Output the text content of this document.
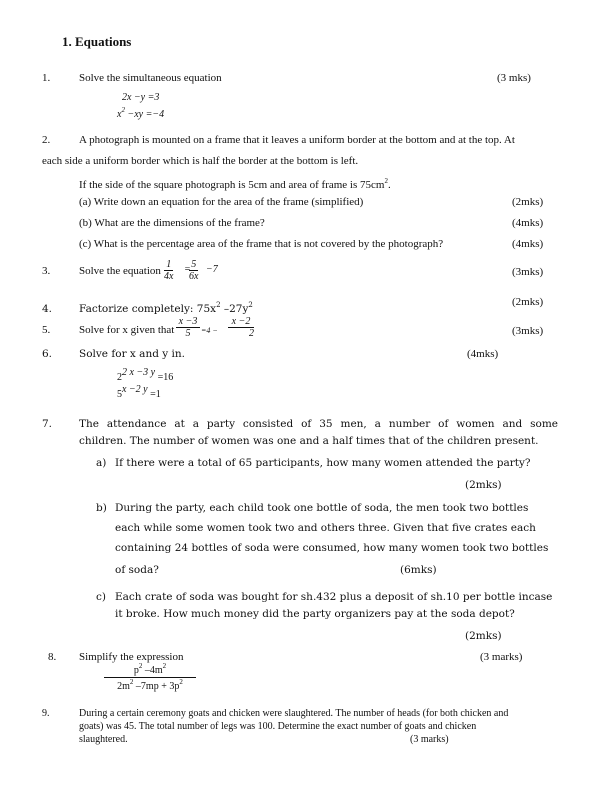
1. Equations
1.	Solve the simultaneous equation	(3 mks)
2x −y =3
$x^2 -xy =-4$
2.	A photograph is mounted on a frame that it leaves a uniform border at the bottom and at the top. At
each side a uniform border which is half the border at the bottom is left.
If the side of the square photograph is 5cm and area of frame is $75cm^2$.
(a) Write down an equation for the area of the frame (simplified)	(2mks)
(b) What are the dimensions of the frame?	(4mks)
(c) What is the percentage area of the frame that is not covered by the photograph?	(4mks)
3.	Solve the equation $\frac{1}{4x}$ =
$\frac{5}{6x} -7$	(3mks)
4.	Factorize completely: $75x^2$ $-27y^2$	(2mks)
5.	Solve for x given that $\frac{x -3}{5} =4 - \frac{x -2}{2}$	(3mks)
6.	Solve for x and y in.	(4mks)
$2^{2 x -3 y} =16$
$5^{x -2 y} =1$
7.	The attendance at a party consisted of 35 men, a number of women and some
children. The number of women was one and a half times that of the children present.
a) If there were a total of 65 participants, how many women attended the party?
(2mks)
b) During the party, each child took one bottle of soda, the men took two bottles
each while some women took two and others three. Given that five crates each
containing 24 bottles of soda were consumed, how many women took two bottles
of soda?	(6mks)
c) Each crate of soda was bought for sh.432 plus a deposit of sh.10 per bottle incase
it broke. How much money did the party organizers pay at the soda depot?
(2mks)
8. Simplify the expression	(3 marks)
$\frac{p^2 -4m^2}{2m^2 -7mp + 3p^2}$
9.	During a certain ceremony goats and chicken were slaughtered. The number of heads (for both chicken and
goats) was 45. The total number of legs was 100. Determine the exact number of goats and chicken
slaughtered.	(3 marks)
